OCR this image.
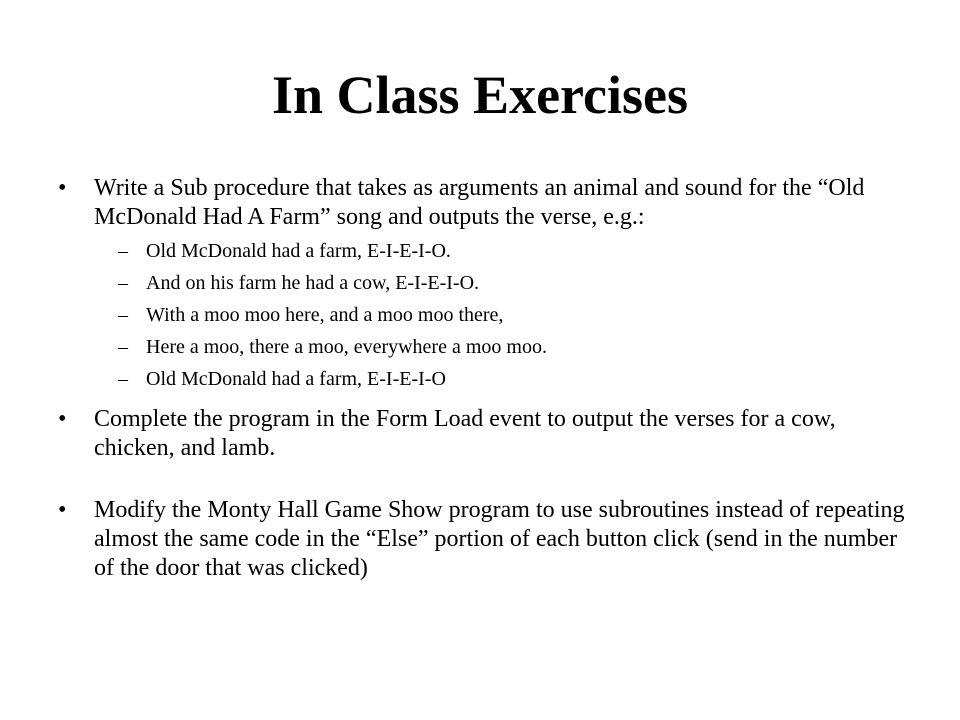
In Class Exercises
•	Write a Sub procedure that takes as arguments an animal and sound for the “Old McDonald Had A Farm” song and outputs the verse, e.g.:
– Old McDonald had a farm, E-I-E-I-O.
– And on his farm he had a cow, E-I-E-I-O.
– With a moo moo here, and a moo moo there,
– Here a moo, there a moo, everywhere a moo moo.
– Old McDonald had a farm, E-I-E-I-O
•	Complete the program in the Form Load event to output the verses for a cow, chicken, and lamb.
•	Modify the Monty Hall Game Show program to use subroutines instead of repeating almost the same code in the “Else” portion of each button click (send in the number of the door that was clicked)
